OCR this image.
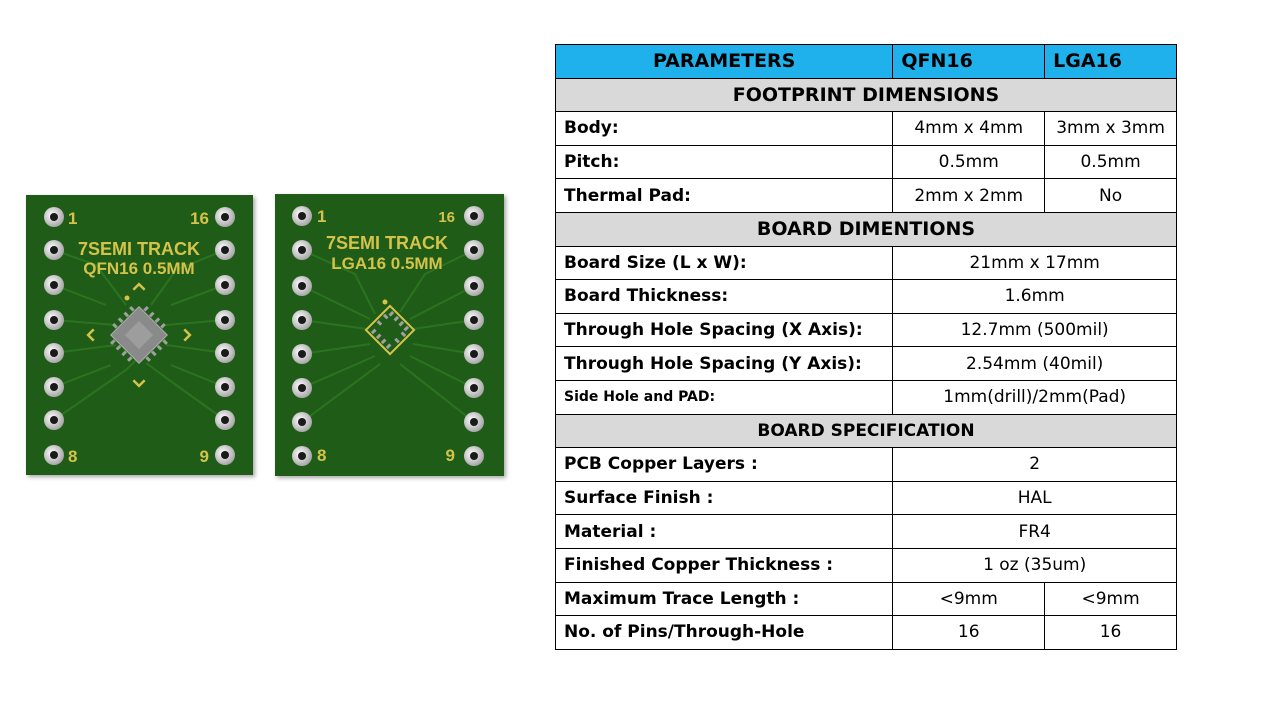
1	16
7SEMI TRACK
QFN16 0.5MM
8	9
1	16
7SEMI TRACK
LGA16 0.5MM
8	9
PARAMETERS	QFN16	LGA16
FOOTPRINT DIMENSIONS		
Body:	4mm x 4mm	3mm x 3mm
Pitch:	0.5mm	0.5mm
Thermal Pad:	2mm x 2mm	No
BOARD DIMENTIONS		
Board Size (L x W):	21mm x 17mm	
Board Thickness:	1.6mm	
Through Hole Spacing (X Axis):	12.7mm (500mil)	
Through Hole Spacing (Y Axis):	2.54mm (40mil)	
Side Hole and PAD:	1mm(drill)/2mm(Pad)	
BOARD SPECIFICATION		
PCB Copper Layers :	2	
Surface Finish :	HAL	
Material :	FR4	
Finished Copper Thickness :	1 oz (35um)	
Maximum Trace Length :	<9mm	<9mm
No. of Pins/Through-Hole	16	16
